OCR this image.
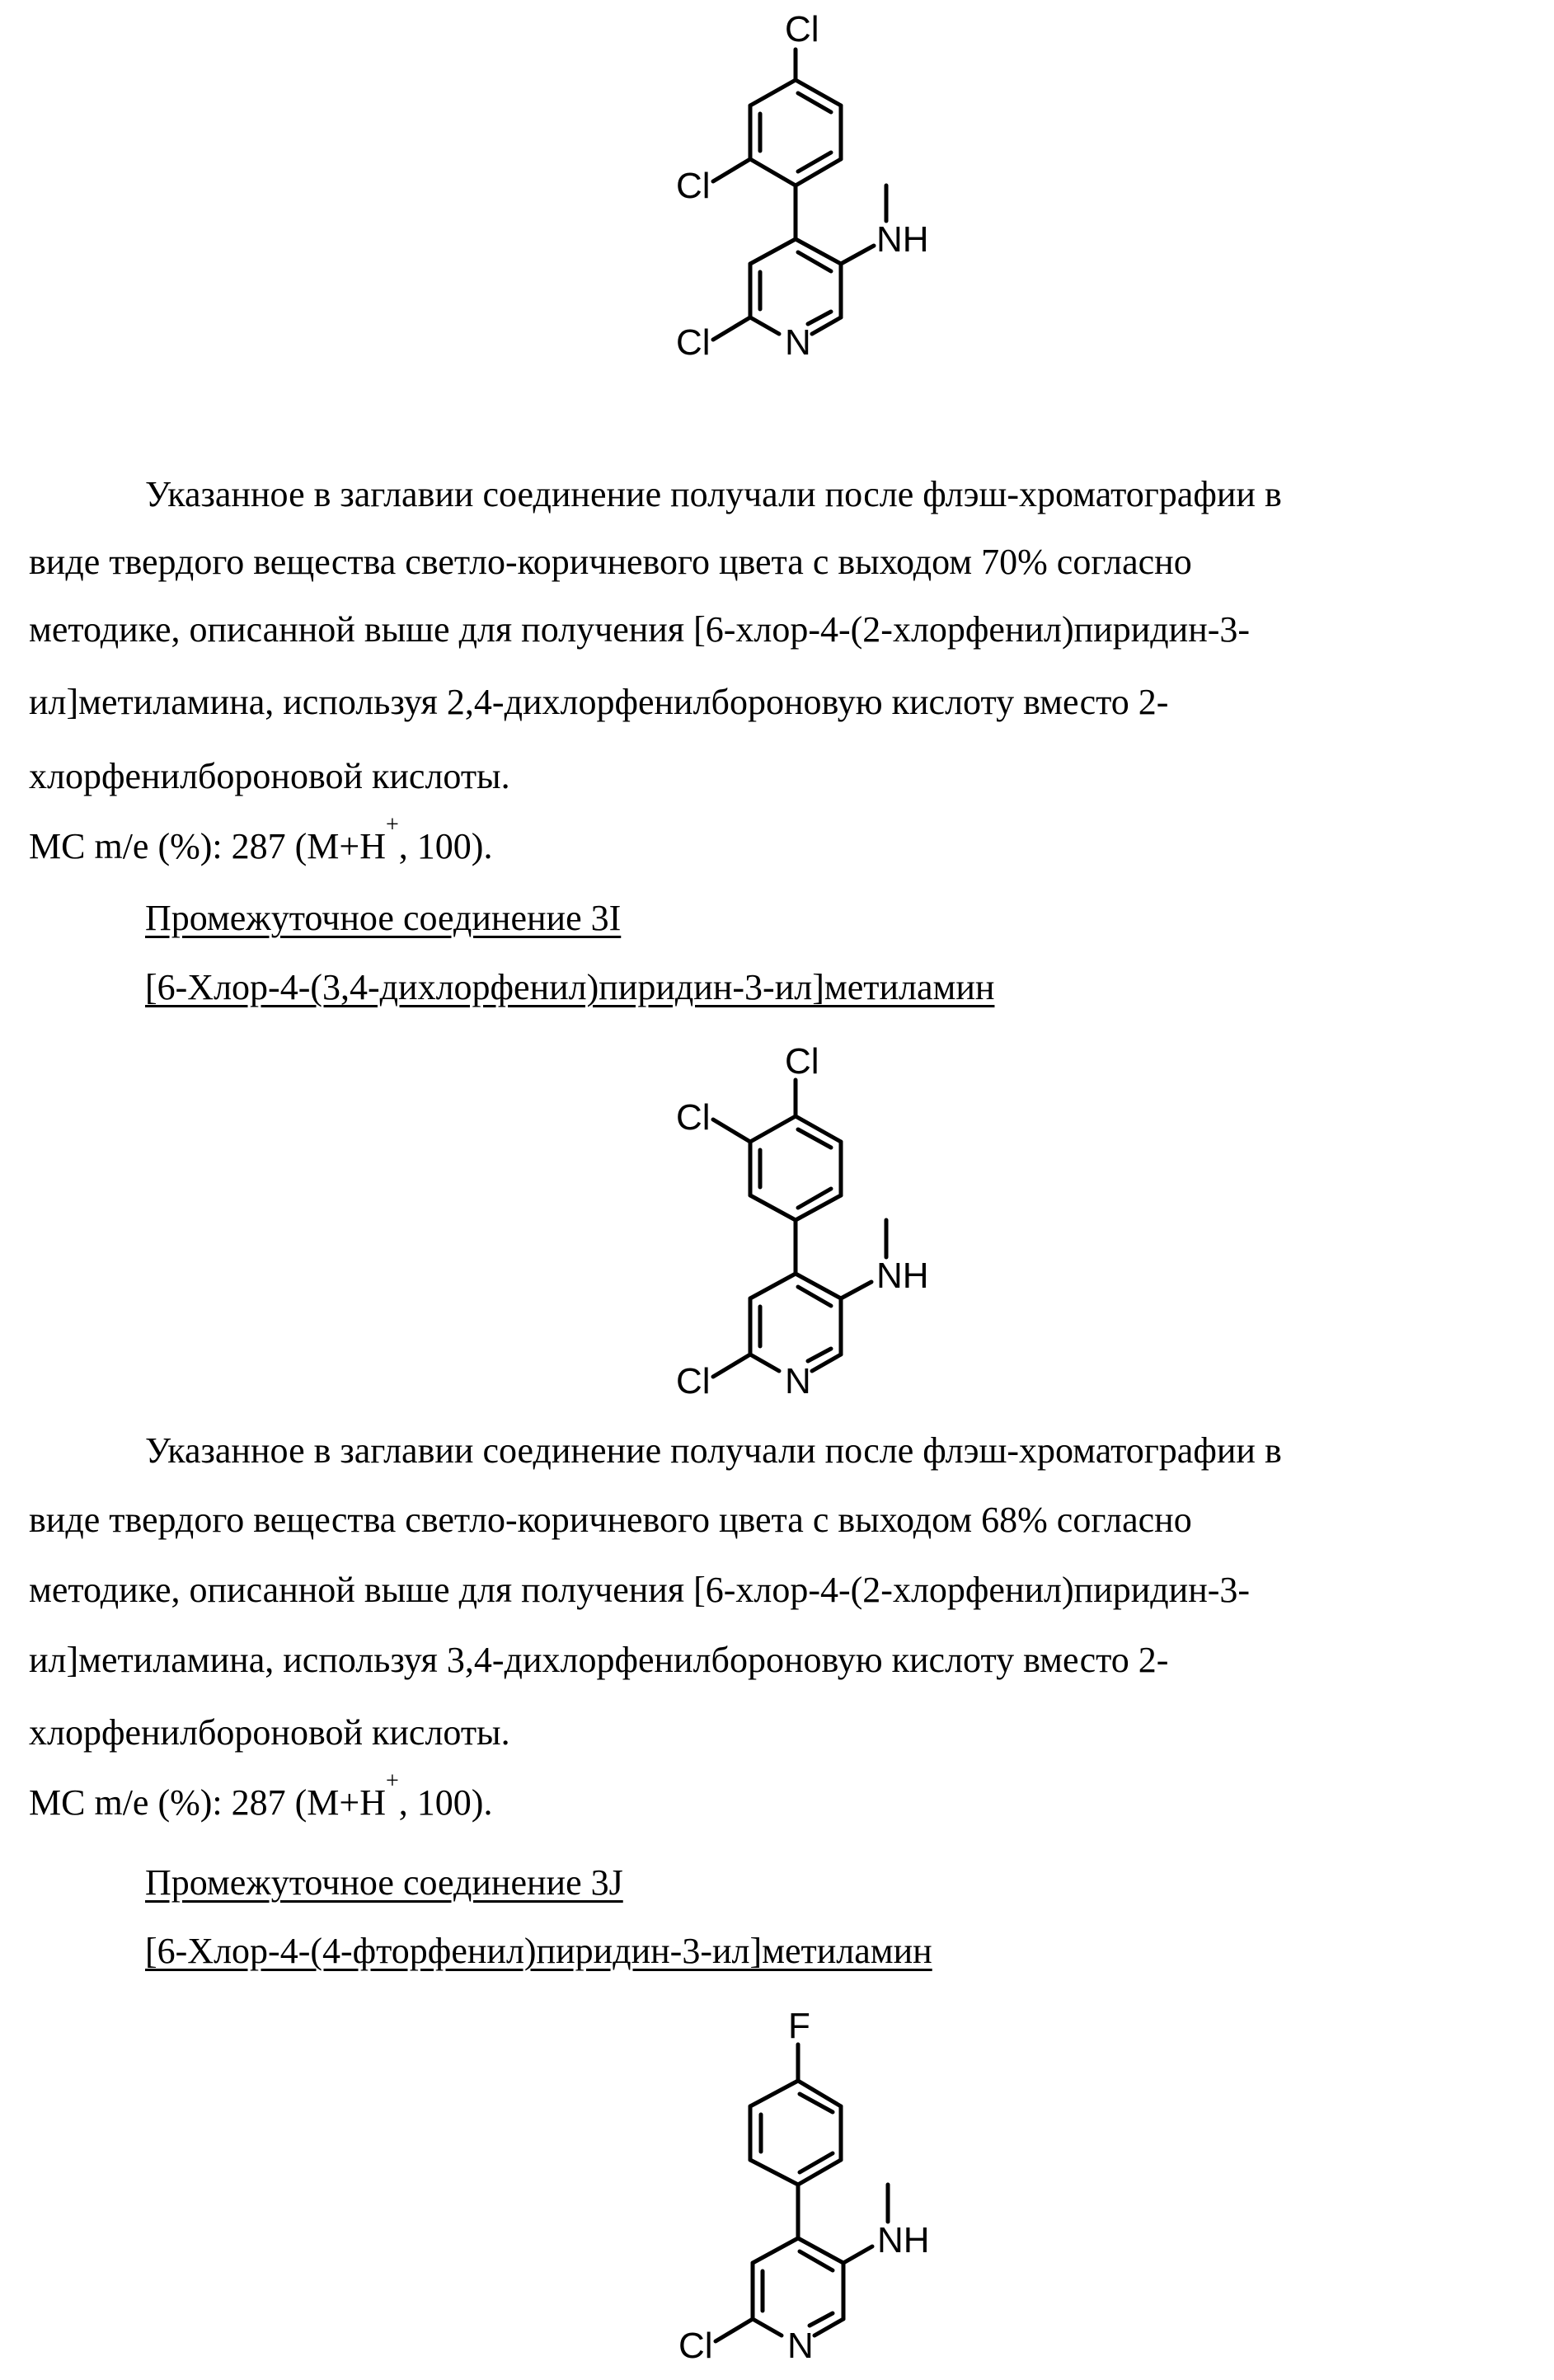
Cl
Cl
Cl N
NH
Указанное в заглавии соединение получали после флэш-хроматографии в
виде твердого вещества светло-коричневого цвета с выходом 70% согласно
методике, описанной выше для получения [6-хлор-4-(2-хлорфенил)пиридин-3-
ил]метиламина, используя 2,4-дихлорфенилбороновую кислоту вместо 2-
хлорфенилбороновой кислоты.
МС m/e (%): 287 (M+H+, 100).
Промежуточное соединение 3I
[6-Хлор-4-(3,4-дихлорфенил)пиридин-3-ил]метиламин
Cl
Cl
Cl N
NH
Указанное в заглавии соединение получали после флэш-хроматографии в
виде твердого вещества светло-коричневого цвета с выходом 68% согласно
методике, описанной выше для получения [6-хлор-4-(2-хлорфенил)пиридин-3-
ил]метиламина, используя 3,4-дихлорфенилбороновую кислоту вместо 2-
хлорфенилбороновой кислоты.
МС m/e (%): 287 (M+H+, 100).
Промежуточное соединение 3J
[6-Хлор-4-(4-фторфенил)пиридин-3-ил]метиламин
F
Cl N
NH
